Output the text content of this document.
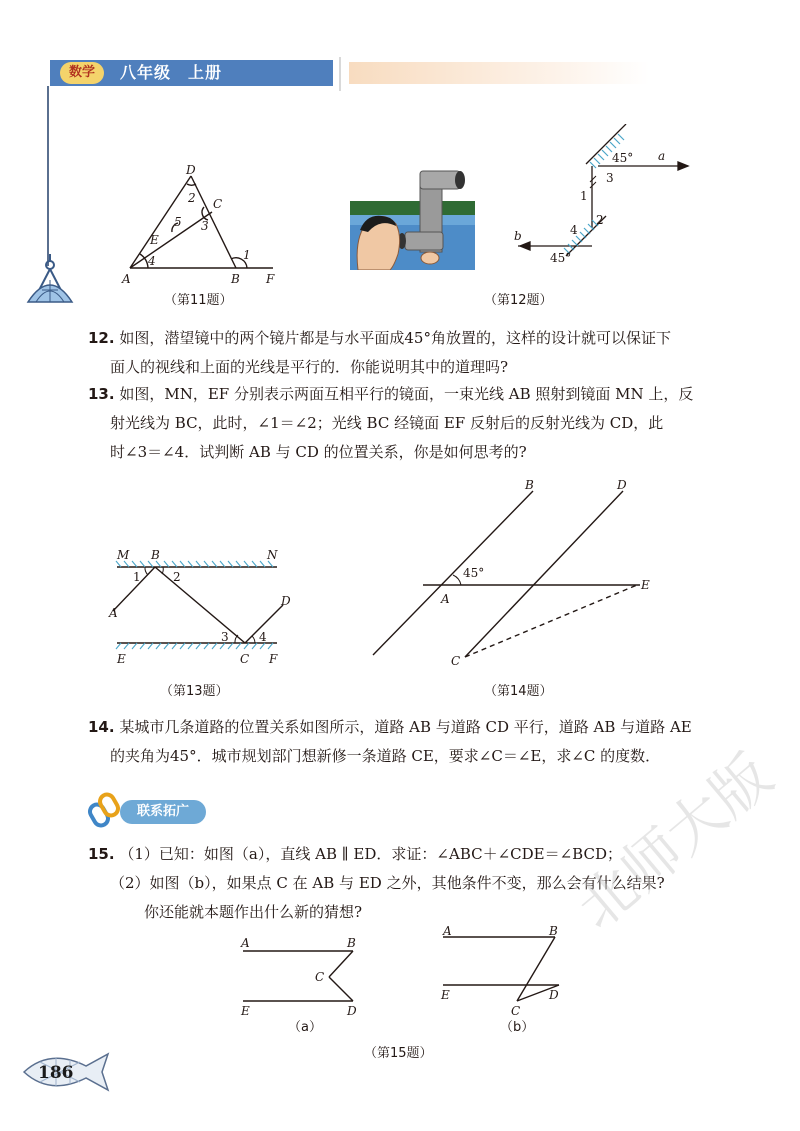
数学	八年级　上册
D
C
2
5 3
E
4
A	B F
1
（第11题）
45° a
3
1
2
4
b
45°
（第12题）
12. 如图，潜望镜中的两个镜片都是与水平面成45°角放置的，这样的设计就可以保证下
面人的视线和上面的光线是平行的．你能说明其中的道理吗?
13. 如图，MN，EF 分别表示两面互相平行的镜面，一束光线 AB 照射到镜面 MN 上，反
射光线为 BC，此时，∠1＝∠2；光线 BC 经镜面 EF 反射后的反射光线为 CD，此
时∠3＝∠4．试判断 AB 与 CD 的位置关系，你是如何思考的?
M B	N
1	2
A
D
3	4
E	C F
（第13题）
B	D
45°
A
E
C
（第14题）
14. 某城市几条道路的位置关系如图所示，道路 AB 与道路 CD 平行，道路 AB 与道路 AE
的夹角为45°．城市规划部门想新修一条道路 CE，要求∠C＝∠E，求∠C 的度数．
联系拓广
15. （1）已知：如图（a），直线 AB ∥ ED．求证：∠ABC＋∠CDE＝∠BCD；
（2）如图（b），如果点 C 在 AB 与 ED 之外，其他条件不变，那么会有什么结果?
你还能就本题作出什么新的猜想?
A	B
C
E	D
（a）
A	B
E
C
D
（b）
（第15题）
186
北师大版
